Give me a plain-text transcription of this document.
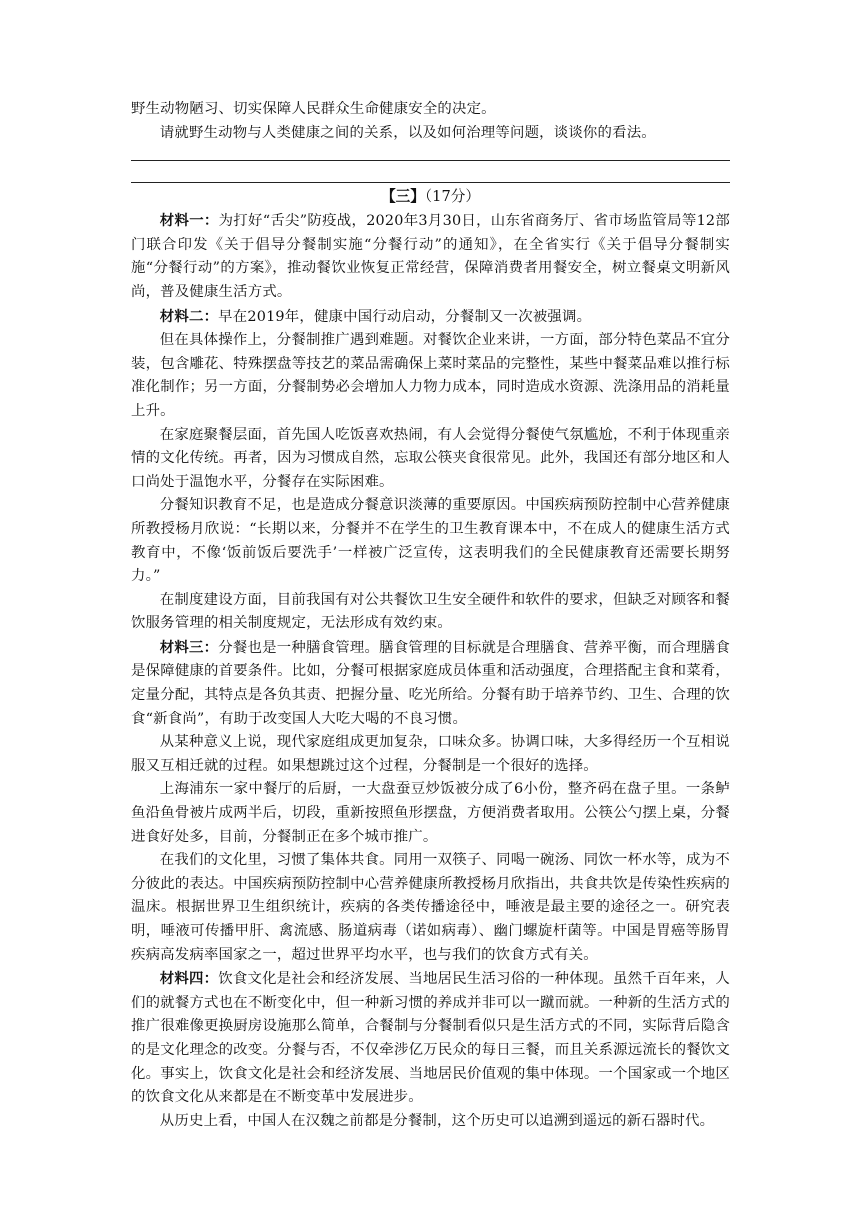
野生动物陋习、切实保障人民群众生命健康安全的决定。

请就野生动物与人类健康之间的关系，以及如何治理等问题，谈谈你的看法。

【三】（17分）

材料一：为打好“舌尖”防疫战，2020年3月30日，山东省商务厅、省市场监管局等12部门联合印发《关于倡导分餐制实施“分餐行动”的通知》，在全省实行《关于倡导分餐制实施“分餐行动”的方案》，推动餐饮业恢复正常经营，保障消费者用餐安全，树立餐桌文明新风尚，普及健康生活方式。

材料二：早在2019年，健康中国行动启动，分餐制又一次被强调。

但在具体操作上，分餐制推广遇到难题。对餐饮企业来讲，一方面，部分特色菜品不宜分装，包含雕花、特殊摆盘等技艺的菜品需确保上菜时菜品的完整性，某些中餐菜品难以推行标准化制作；另一方面，分餐制势必会增加人力物力成本，同时造成水资源、洗涤用品的消耗量上升。

在家庭聚餐层面，首先国人吃饭喜欢热闹，有人会觉得分餐使气氛尴尬，不利于体现重亲情的文化传统。再者，因为习惯成自然，忘取公筷夹食很常见。此外，我国还有部分地区和人口尚处于温饱水平，分餐存在实际困难。

分餐知识教育不足，也是造成分餐意识淡薄的重要原因。中国疾病预防控制中心营养健康所教授杨月欣说：“长期以来，分餐并不在学生的卫生教育课本中，不在成人的健康生活方式教育中，不像‘饭前饭后要洗手’一样被广泛宣传，这表明我们的全民健康教育还需要长期努力。”

在制度建设方面，目前我国有对公共餐饮卫生安全硬件和软件的要求，但缺乏对顾客和餐饮服务管理的相关制度规定，无法形成有效约束。

材料三：分餐也是一种膳食管理。膳食管理的目标就是合理膳食、营养平衡，而合理膳食是保障健康的首要条件。比如，分餐可根据家庭成员体重和活动强度，合理搭配主食和菜肴，定量分配，其特点是各负其责、把握分量、吃光所给。分餐有助于培养节约、卫生、合理的饮食“新食尚”，有助于改变国人大吃大喝的不良习惯。

从某种意义上说，现代家庭组成更加复杂，口味众多。协调口味，大多得经历一个互相说服又互相迁就的过程。如果想跳过这个过程，分餐制是一个很好的选择。

上海浦东一家中餐厅的后厨，一大盘蚕豆炒饭被分成了6小份，整齐码在盘子里。一条鲈鱼沿鱼骨被片成两半后，切段，重新按照鱼形摆盘，方便消费者取用。公筷公勺摆上桌，分餐进食好处多，目前，分餐制正在多个城市推广。

在我们的文化里，习惯了集体共食。同用一双筷子、同喝一碗汤、同饮一杯水等，成为不分彼此的表达。中国疾病预防控制中心营养健康所教授杨月欣指出，共食共饮是传染性疾病的温床。根据世界卫生组织统计，疾病的各类传播途径中，唾液是最主要的途径之一。研究表明，唾液可传播甲肝、禽流感、肠道病毒（诺如病毒）、幽门螺旋杆菌等。中国是胃癌等肠胃疾病高发病率国家之一，超过世界平均水平，也与我们的饮食方式有关。

材料四：饮食文化是社会和经济发展、当地居民生活习俗的一种体现。虽然千百年来，人们的就餐方式也在不断变化中，但一种新习惯的养成并非可以一蹴而就。一种新的生活方式的推广很难像更换厨房设施那么简单，合餐制与分餐制看似只是生活方式的不同，实际背后隐含的是文化理念的改变。分餐与否，不仅牵涉亿万民众的每日三餐，而且关系源远流长的餐饮文化。事实上，饮食文化是社会和经济发展、当地居民价值观的集中体现。一个国家或一个地区的饮食文化从来都是在不断变革中发展进步。

从历史上看，中国人在汉魏之前都是分餐制，这个历史可以追溯到遥远的新石器时代。
